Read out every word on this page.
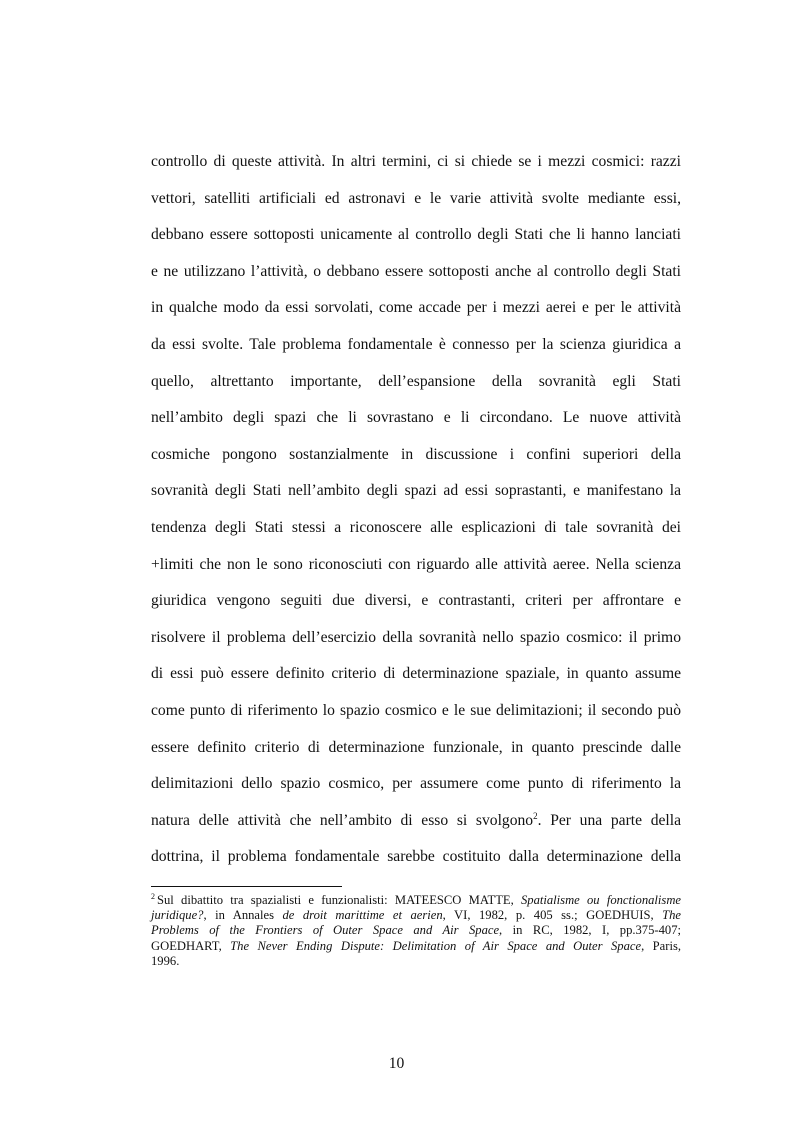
controllo di queste attività. In altri termini, ci si chiede se i mezzi cosmici: razzi
vettori, satelliti artificiali ed astronavi e le varie attività svolte mediante essi,
debbano essere sottoposti unicamente al controllo degli Stati che li hanno lanciati
e ne utilizzano l’attività, o debbano essere sottoposti anche al controllo degli Stati
in qualche modo da essi sorvolati, come accade per i mezzi aerei e per le attività
da essi svolte. Tale problema fondamentale è connesso per la scienza giuridica a
quello, altrettanto importante, dell’espansione della sovranità egli Stati
nell’ambito degli spazi che li sovrastano e li circondano. Le nuove attività
cosmiche pongono sostanzialmente in discussione i confini superiori della
sovranità degli Stati nell’ambito degli spazi ad essi soprastanti, e manifestano la
tendenza degli Stati stessi a riconoscere alle esplicazioni di tale sovranità dei
+limiti che non le sono riconosciuti con riguardo alle attività aeree. Nella scienza
giuridica vengono seguiti due diversi, e contrastanti, criteri per affrontare e
risolvere il problema dell’esercizio della sovranità nello spazio cosmico: il primo
di essi può essere definito criterio di determinazione spaziale, in quanto assume
come punto di riferimento lo spazio cosmico e le sue delimitazioni; il secondo può
essere definito criterio di determinazione funzionale, in quanto prescinde dalle
delimitazioni dello spazio cosmico, per assumere come punto di riferimento la
natura delle attività che nell’ambito di esso si svolgono$^2$. Per una parte della
dottrina, il problema fondamentale sarebbe costituito dalla determinazione della
$^2$ Sul dibattito tra spazialisti e funzionalisti: MATEESCO MATTE, Spatialisme ou fonctionalisme
juridique?, in Annales de droit marittime et aerien, VI, 1982, p. 405 ss.; GOEDHUIS, The
Problems of the Frontiers of Outer Space and Air Space, in RC, 1982, I, pp.375-407;
GOEDHART, The Never Ending Dispute: Delimitation of Air Space and Outer Space, Paris,
1996.
10
